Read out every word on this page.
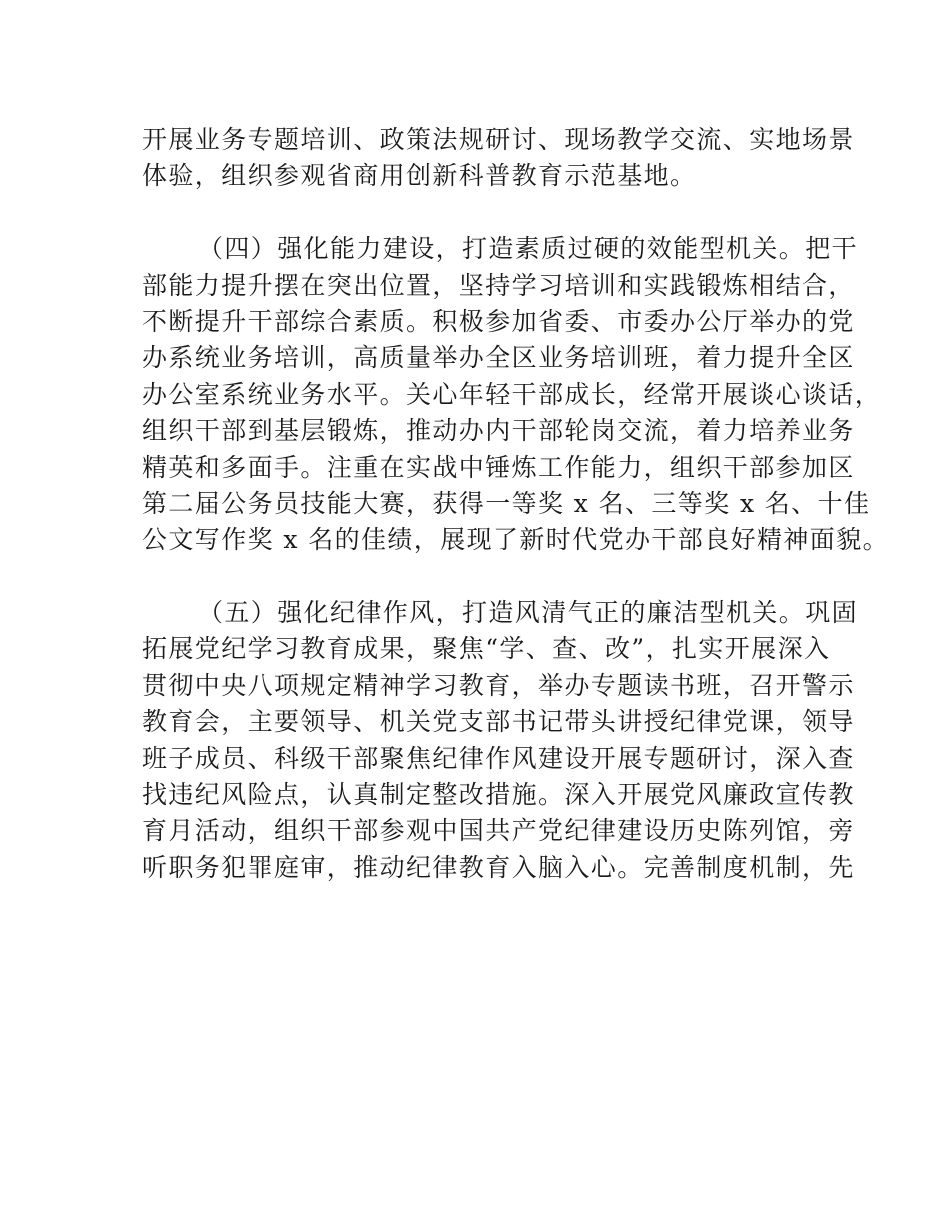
开展业务专题培训、政策法规研讨、现场教学交流、实地场景
体验，组织参观省商用创新科普教育示范基地。
（四）强化能力建设，打造素质过硬的效能型机关。把干
部能力提升摆在突出位置，坚持学习培训和实践锻炼相结合，
不断提升干部综合素质。积极参加省委、市委办公厅举办的党
办系统业务培训，高质量举办全区业务培训班，着力提升全区
办公室系统业务水平。关心年轻干部成长，经常开展谈心谈话，
组织干部到基层锻炼，推动办内干部轮岗交流，着力培养业务
精英和多面手。注重在实战中锤炼工作能力，组织干部参加区
第二届公务员技能大赛，获得一等奖 x 名、三等奖 x 名、十佳
公文写作奖 x 名的佳绩，展现了新时代党办干部良好精神面貌。
（五）强化纪律作风，打造风清气正的廉洁型机关。巩固
拓展党纪学习教育成果，聚焦“学、查、改”，扎实开展深入
贯彻中央八项规定精神学习教育，举办专题读书班，召开警示
教育会，主要领导、机关党支部书记带头讲授纪律党课，领导
班子成员、科级干部聚焦纪律作风建设开展专题研讨，深入查
找违纪风险点，认真制定整改措施。深入开展党风廉政宣传教
育月活动，组织干部参观中国共产党纪律建设历史陈列馆，旁
听职务犯罪庭审，推动纪律教育入脑入心。完善制度机制，先
